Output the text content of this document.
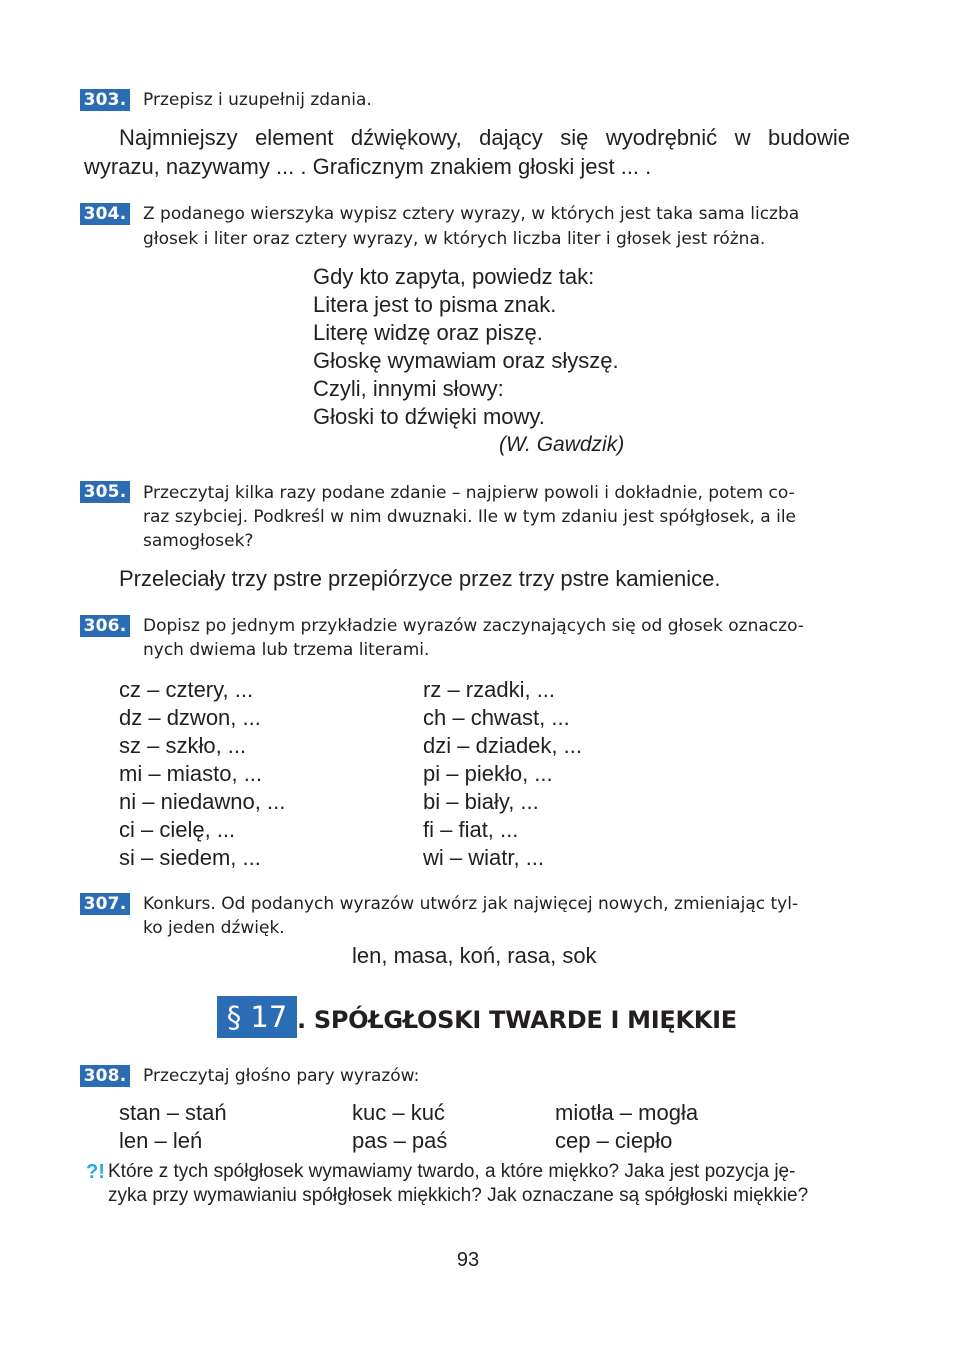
303. Przepisz i uzupełnij zdania.
Najmniejszy element dźwiękowy, dający się wyodrębnić w budowie
wyrazu, nazywamy ... . Graficznym znakiem głoski jest ... .
304. Z podanego wierszyka wypisz cztery wyrazy, w których jest taka sama liczba
głosek i liter oraz cztery wyrazy, w których liczba liter i głosek jest różna.
Gdy kto zapyta, powiedz tak:
Litera jest to pisma znak.
Literę widzę oraz piszę.
Głoskę wymawiam oraz słyszę.
Czyli, innymi słowy:
Głoski to dźwięki mowy.
(W. Gawdzik)
305. Przeczytaj kilka razy podane zdanie – najpierw powoli i dokładnie, potem co-
raz szybciej. Podkreśl w nim dwuznaki. Ile w tym zdaniu jest spółgłosek, a ile
samogłosek?
Przeleciały trzy pstre przepiórzyce przez trzy pstre kamienice.
306. Dopisz po jednym przykładzie wyrazów zaczynających się od głosek oznaczo-
nych dwiema lub trzema literami.
cz – cztery, ...
dz – dzwon, ...
sz – szkło, ...
mi – miasto, ...
ni – niedawno, ...
ci – cielę, ...
si – siedem, ...
rz – rzadki, ...
ch – chwast, ...
dzi – dziadek, ...
pi – piekło, ...
bi – biały, ...
fi – fiat, ...
wi – wiatr, ...
307. Konkurs. Od podanych wyrazów utwórz jak najwięcej nowych, zmieniając tyl-
ko jeden dźwięk.
len, masa, koń, rasa, sok
§ 17 . SPÓŁGŁOSKI TWARDE I MIĘKKIE
308. Przeczytaj głośno pary wyrazów:
stan – stań
len – leń
kuc – kuć
pas – paś
miotła – mogła
cep – ciepło
?! Które z tych spółgłosek wymawiamy twardo, a które miękko? Jaka jest pozycja ję-
zyka przy wymawianiu spółgłosek miękkich? Jak oznaczane są spółgłoski miękkie?
93
